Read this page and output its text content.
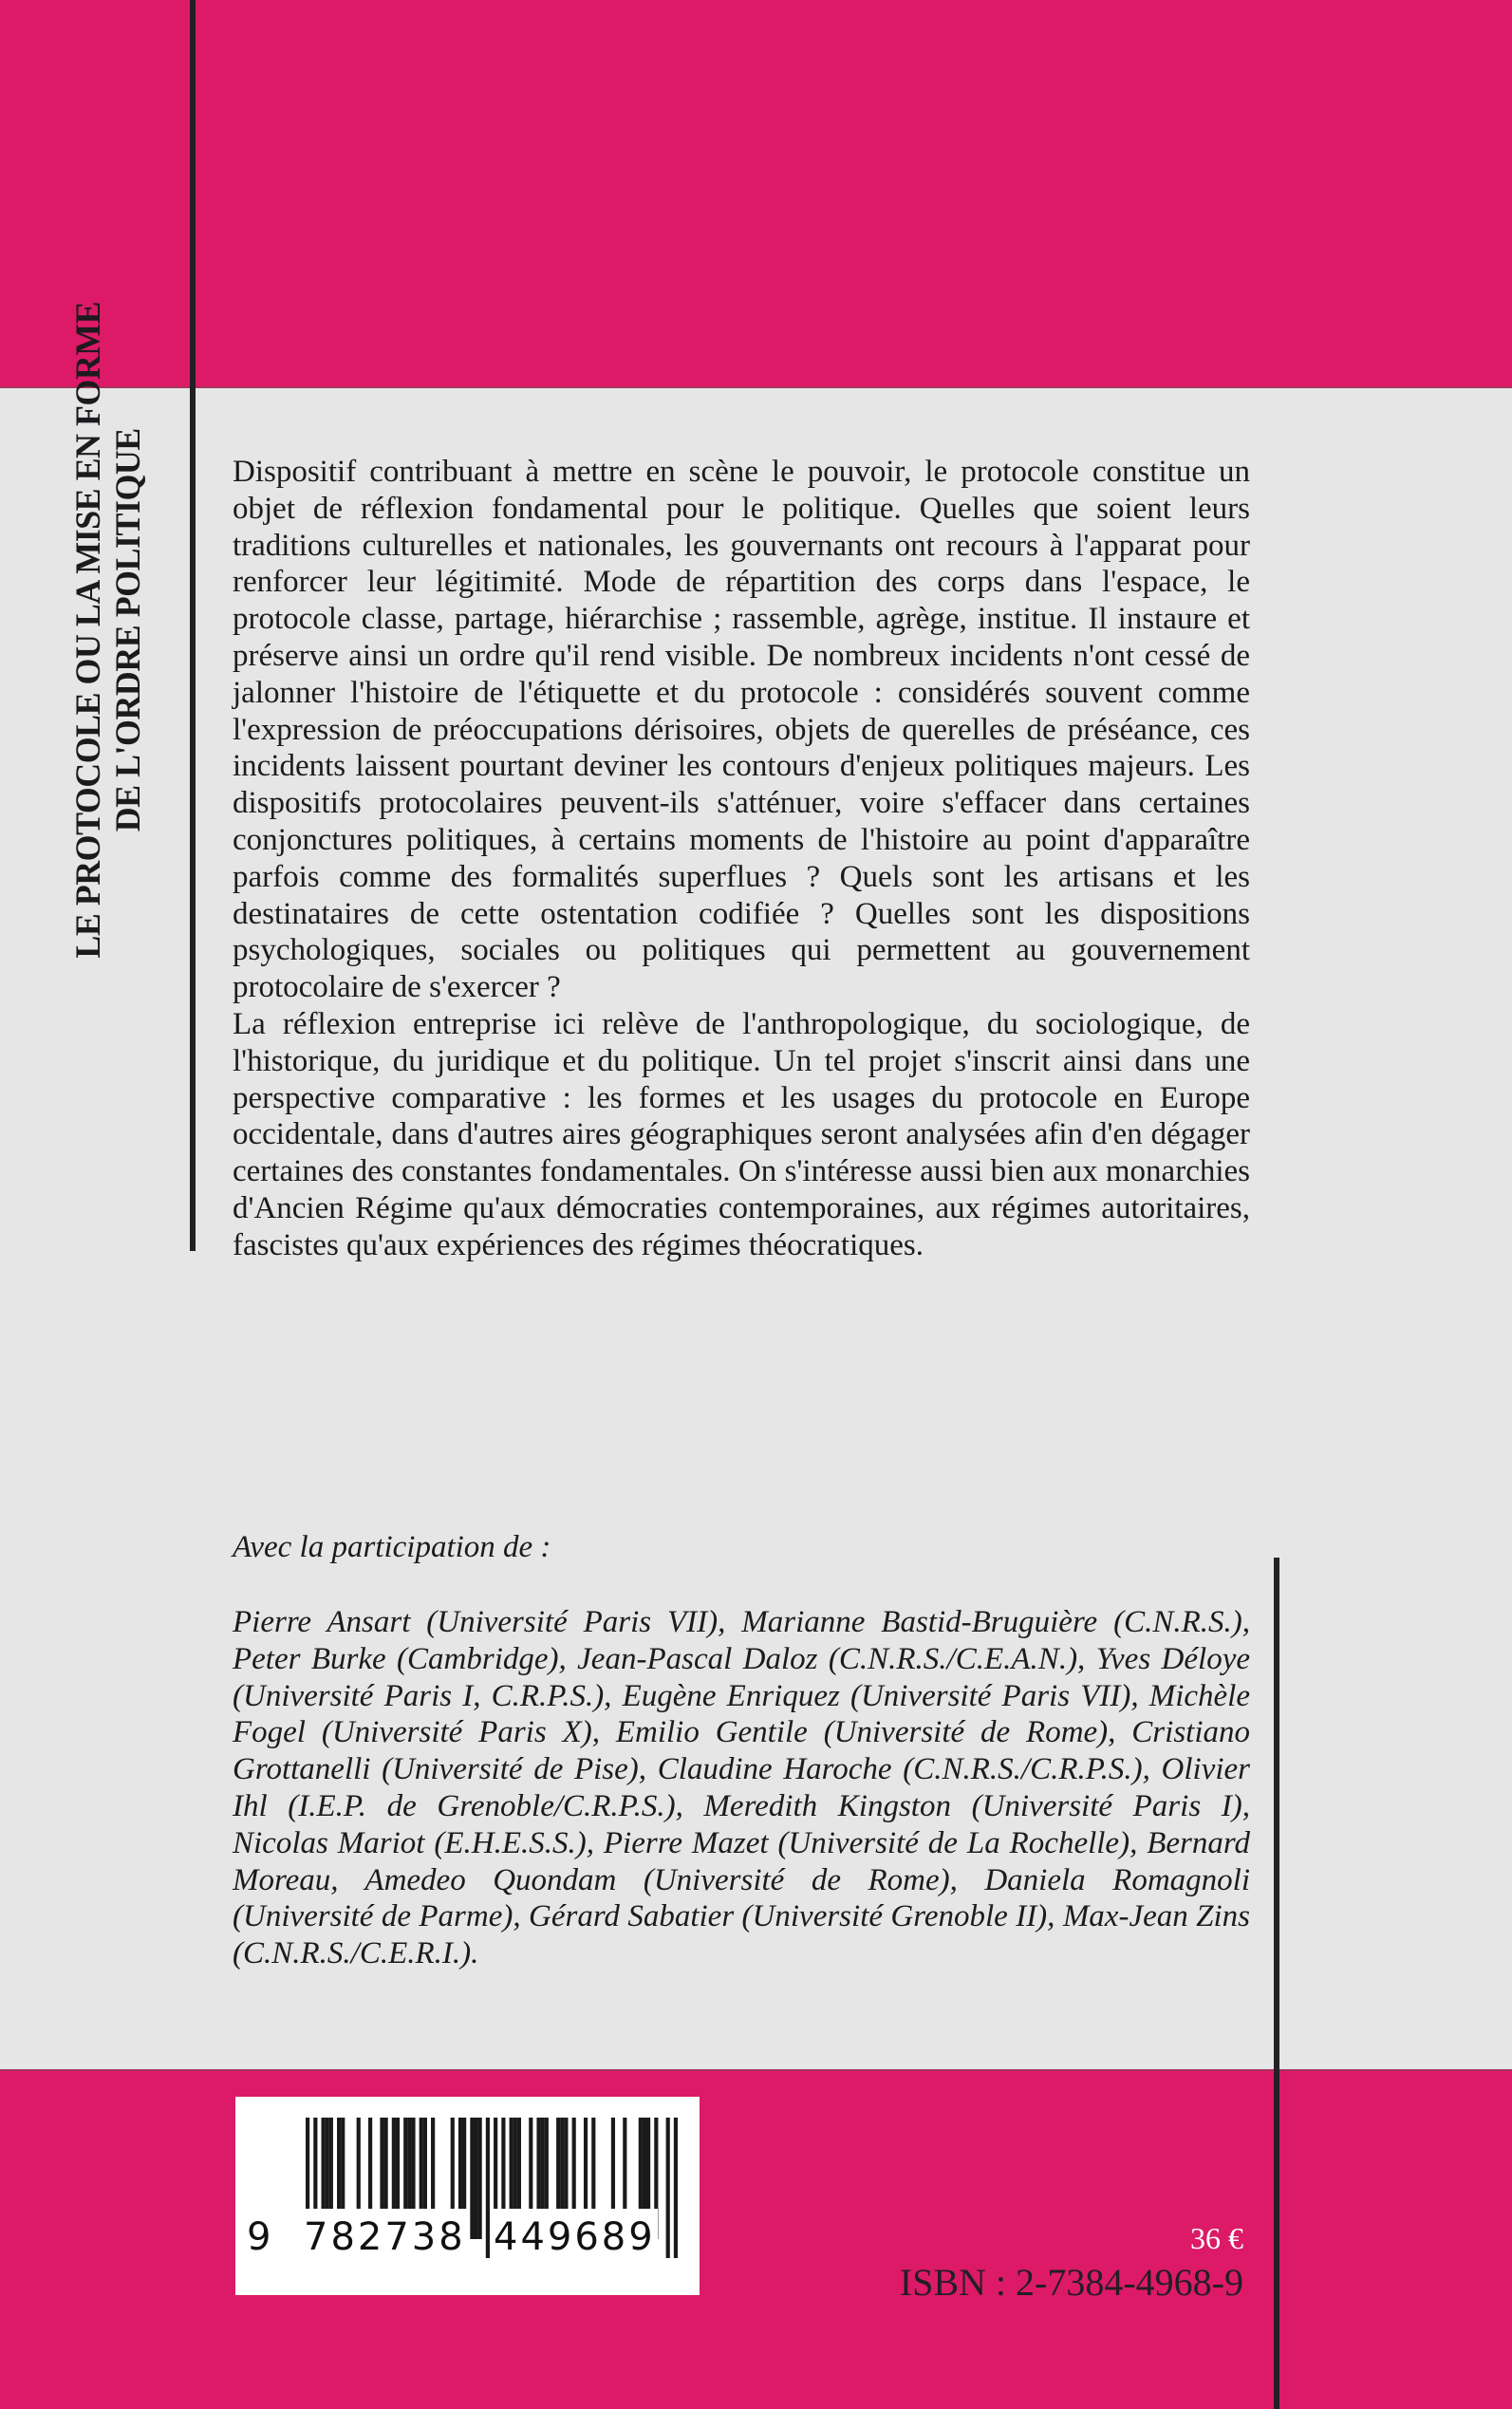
LE PROTOCOLE OU LA MISE EN FORME DE L'ORDRE POLITIQUE	Dispositif contribuant à mettre en scène le pouvoir, le protocole constitue un objet de réflexion fondamental pour le politique. Quelles que soient leurs traditions culturelles et nationales, les gouvernants ont recours à l'apparat pour renforcer leur légitimité. Mode de répartition des corps dans l'espace, le protocole classe, partage, hiérarchise ; rassemble, agrège, institue. Il instaure et préserve ainsi un ordre qu'il rend visible. De nombreux incidents n'ont cessé de jalonner l'histoire de l'étiquette et du protocole : considérés souvent comme l'expression de préoccupations dérisoires, objets de querelles de préséance, ces incidents laissent pourtant deviner les contours d'enjeux politiques majeurs. Les dispositifs protocolaires peuvent-ils s'atténuer, voire s'effacer dans certaines conjonctures politiques, à certains moments de l'histoire au point d'apparaître parfois comme des formalités superflues ? Quels sont les artisans et les destinataires de cette ostentation codifiée ? Quelles sont les dispositions psychologiques, sociales ou politiques qui permettent au gouvernement protocolaire de s'exercer ?

La réflexion entreprise ici relève de l'anthropologique, du sociologique, de l'historique, du juridique et du politique. Un tel projet s'inscrit ainsi dans une perspective comparative : les formes et les usages du protocole en Europe occidentale, dans d'autres aires géographiques seront analysées afin d'en dégager certaines des constantes fondamentales. On s'intéresse aussi bien aux monarchies d'Ancien Régime qu'aux démocraties contemporaines, aux régimes autoritaires, fascistes qu'aux expériences des régimes théocratiques.

Avec la participation de :
Pierre Ansart (Université Paris VII), Marianne Bastid-Bruguière (C.N.R.S.), Peter Burke (Cambridge), Jean-Pascal Daloz (C.N.R.S./C.E.A.N.), Yves Déloye (Université Paris I, C.R.P.S.), Eugène Enriquez (Université Paris VII), Michèle Fogel (Université Paris X), Emilio Gentile (Université de Rome), Cristiano Grottanelli (Université de Pise), Claudine Haroche (C.N.R.S./C.R.P.S.), Olivier Ihl (I.E.P. de Grenoble/C.R.P.S.), Meredith Kingston (Université Paris I), Nicolas Mariot (E.H.E.S.S.), Pierre Mazet (Université de La Rochelle), Bernard Moreau, Amedeo Quondam (Université de Rome), Daniela Romagnoli (Université de Parme), Gérard Sabatier (Université Grenoble II), Max-Jean Zins (C.N.R.S./C.E.R.I.).
9 782738 449689	36 €
ISBN : 2-7384-4968-9
